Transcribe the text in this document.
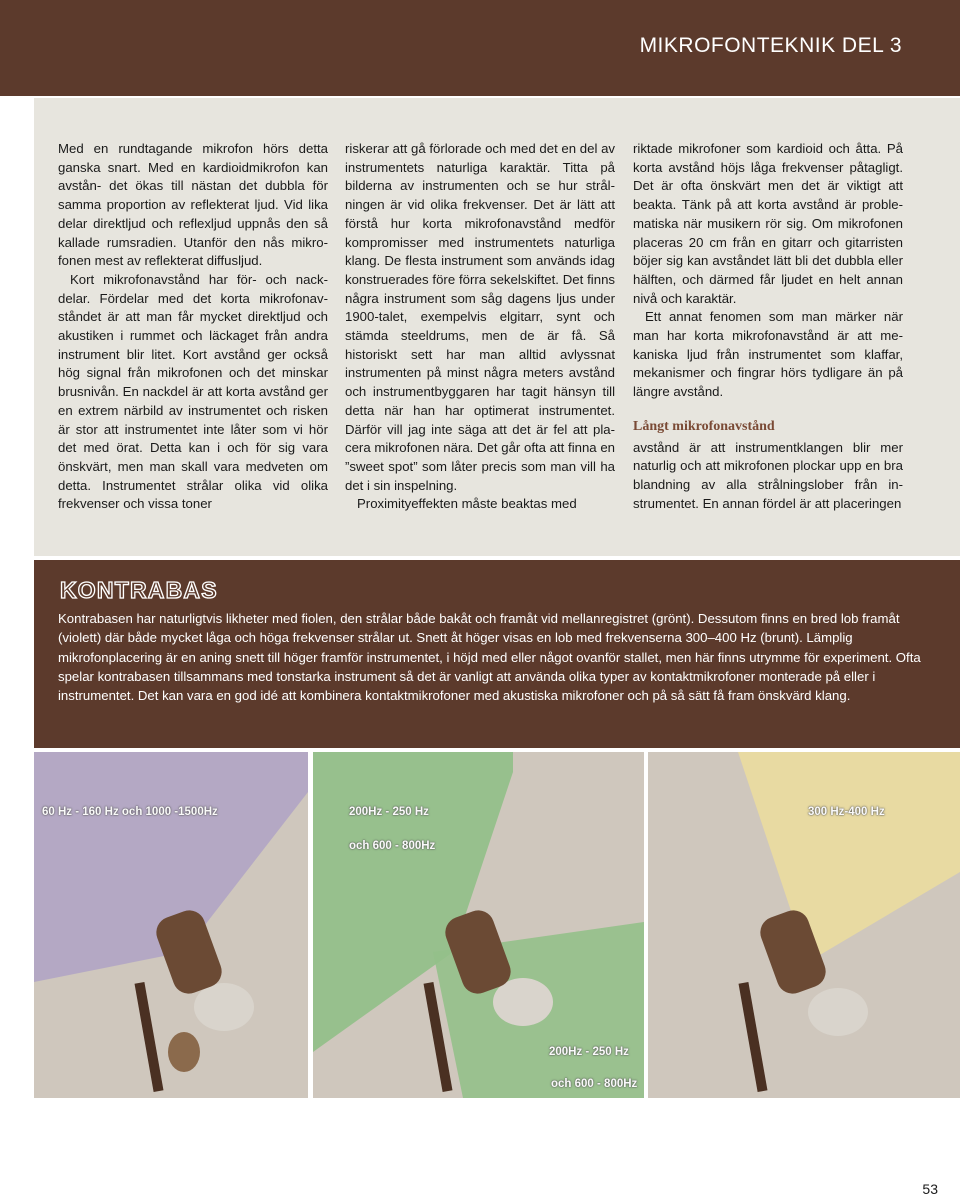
MIKROFONTEKNIK DEL 3

Med en rundtagande mikrofon hörs detta ganska snart. Med en kardioidmikrofon kan avstån- det ökas till nästan det dubbla för samma proportion av reflekterat ljud. Vid lika delar direktljud och reflexljud uppnås den så kallade rumsradien. Utanför den nås mikro- fonen mest av reflekterat diffusljud.

Kort mikrofonavstånd har för- och nack- delar. Fördelar med det korta mikrofonav- ståndet är att man får mycket direktljud och akustiken i rummet och läckaget från andra instrument blir litet. Kort avstånd ger också hög signal från mikrofonen och det minskar brusnivån. En nackdel är att korta avstånd ger en extrem närbild av instrumentet och risken är stor att instrumentet inte låter som vi hör det med örat. Detta kan i och för sig vara önskvärt, men man skall vara medveten om detta. Instrumentet strålar olika vid olika frekvenser och vissa toner

riskerar att gå förlorade och med det en del av instrumentets naturliga karaktär. Titta på bilderna av instrumenten och se hur strål- ningen är vid olika frekvenser. Det är lätt att förstå hur korta mikrofonavstånd medför kompromisser med instrumentets naturliga klang. De flesta instrument som används idag konstruerades före förra sekelskiftet. Det finns några instrument som såg dagens ljus under 1900-talet, exempelvis elgitarr, synt och stämda steeldrums, men de är få. Så historiskt sett har man alltid avlyssnat instrumenten på minst några meters avstånd och instrumentbyggaren har tagit hänsyn till detta när han har optimerat instrumentet. Därför vill jag inte säga att det är fel att pla- cera mikrofonen nära. Det går ofta att finna en ”sweet spot” som låter precis som man vill ha det i sin inspelning.

Proximityeffekten måste beaktas med

riktade mikrofoner som kardioid och åtta. På korta avstånd höjs låga frekvenser påtagligt. Det är ofta önskvärt men det är viktigt att beakta. Tänk på att korta avstånd är proble- matiska när musikern rör sig. Om mikrofonen placeras 20 cm från en gitarr och gitarristen böjer sig kan avståndet lätt bli det dubbla eller hälften, och därmed får ljudet en helt annan nivå och karaktär.

Ett annat fenomen som man märker när man har korta mikrofonavstånd är att me- kaniska ljud från instrumentet som klaffar, mekanismer och fingrar hörs tydligare än på längre avstånd.

Långt mikrofonavstånd

avstånd är att instrumentklangen blir mer naturlig och att mikrofonen plockar upp en bra blandning av alla strålningslober från in- strumentet. En annan fördel är att placeringen

KONTRABAS
Kontrabasen har naturligtvis likheter med fiolen, den strålar både bakåt och framåt vid mellanregistret (grönt). Dessutom finns en bred lob framåt (violett) där både mycket låga och höga frekvenser strålar ut. Snett åt höger visas en lob med frekvenserna 300–400 Hz (brunt). Lämplig mikrofonplacering är en aning snett till höger framför instrumentet, i höjd med eller något ovanför stallet, men här finns utrymme för experiment. Ofta spelar kontrabasen tillsammans med tonstarka instrument så det är vanligt att använda olika typer av kontaktmikrofoner monterade på eller i instrumentet. Det kan vara en god idé att kombinera kontaktmikrofoner med akustiska mikrofoner och på så sätt få fram önskvärd klang.
60 Hz - 160 Hz och 1000 -1500Hz	200Hz - 250 Hz
och 600 - 800Hz
200Hz - 250 Hz
och 600 - 800Hz
300 Hz-400 Hz
53
